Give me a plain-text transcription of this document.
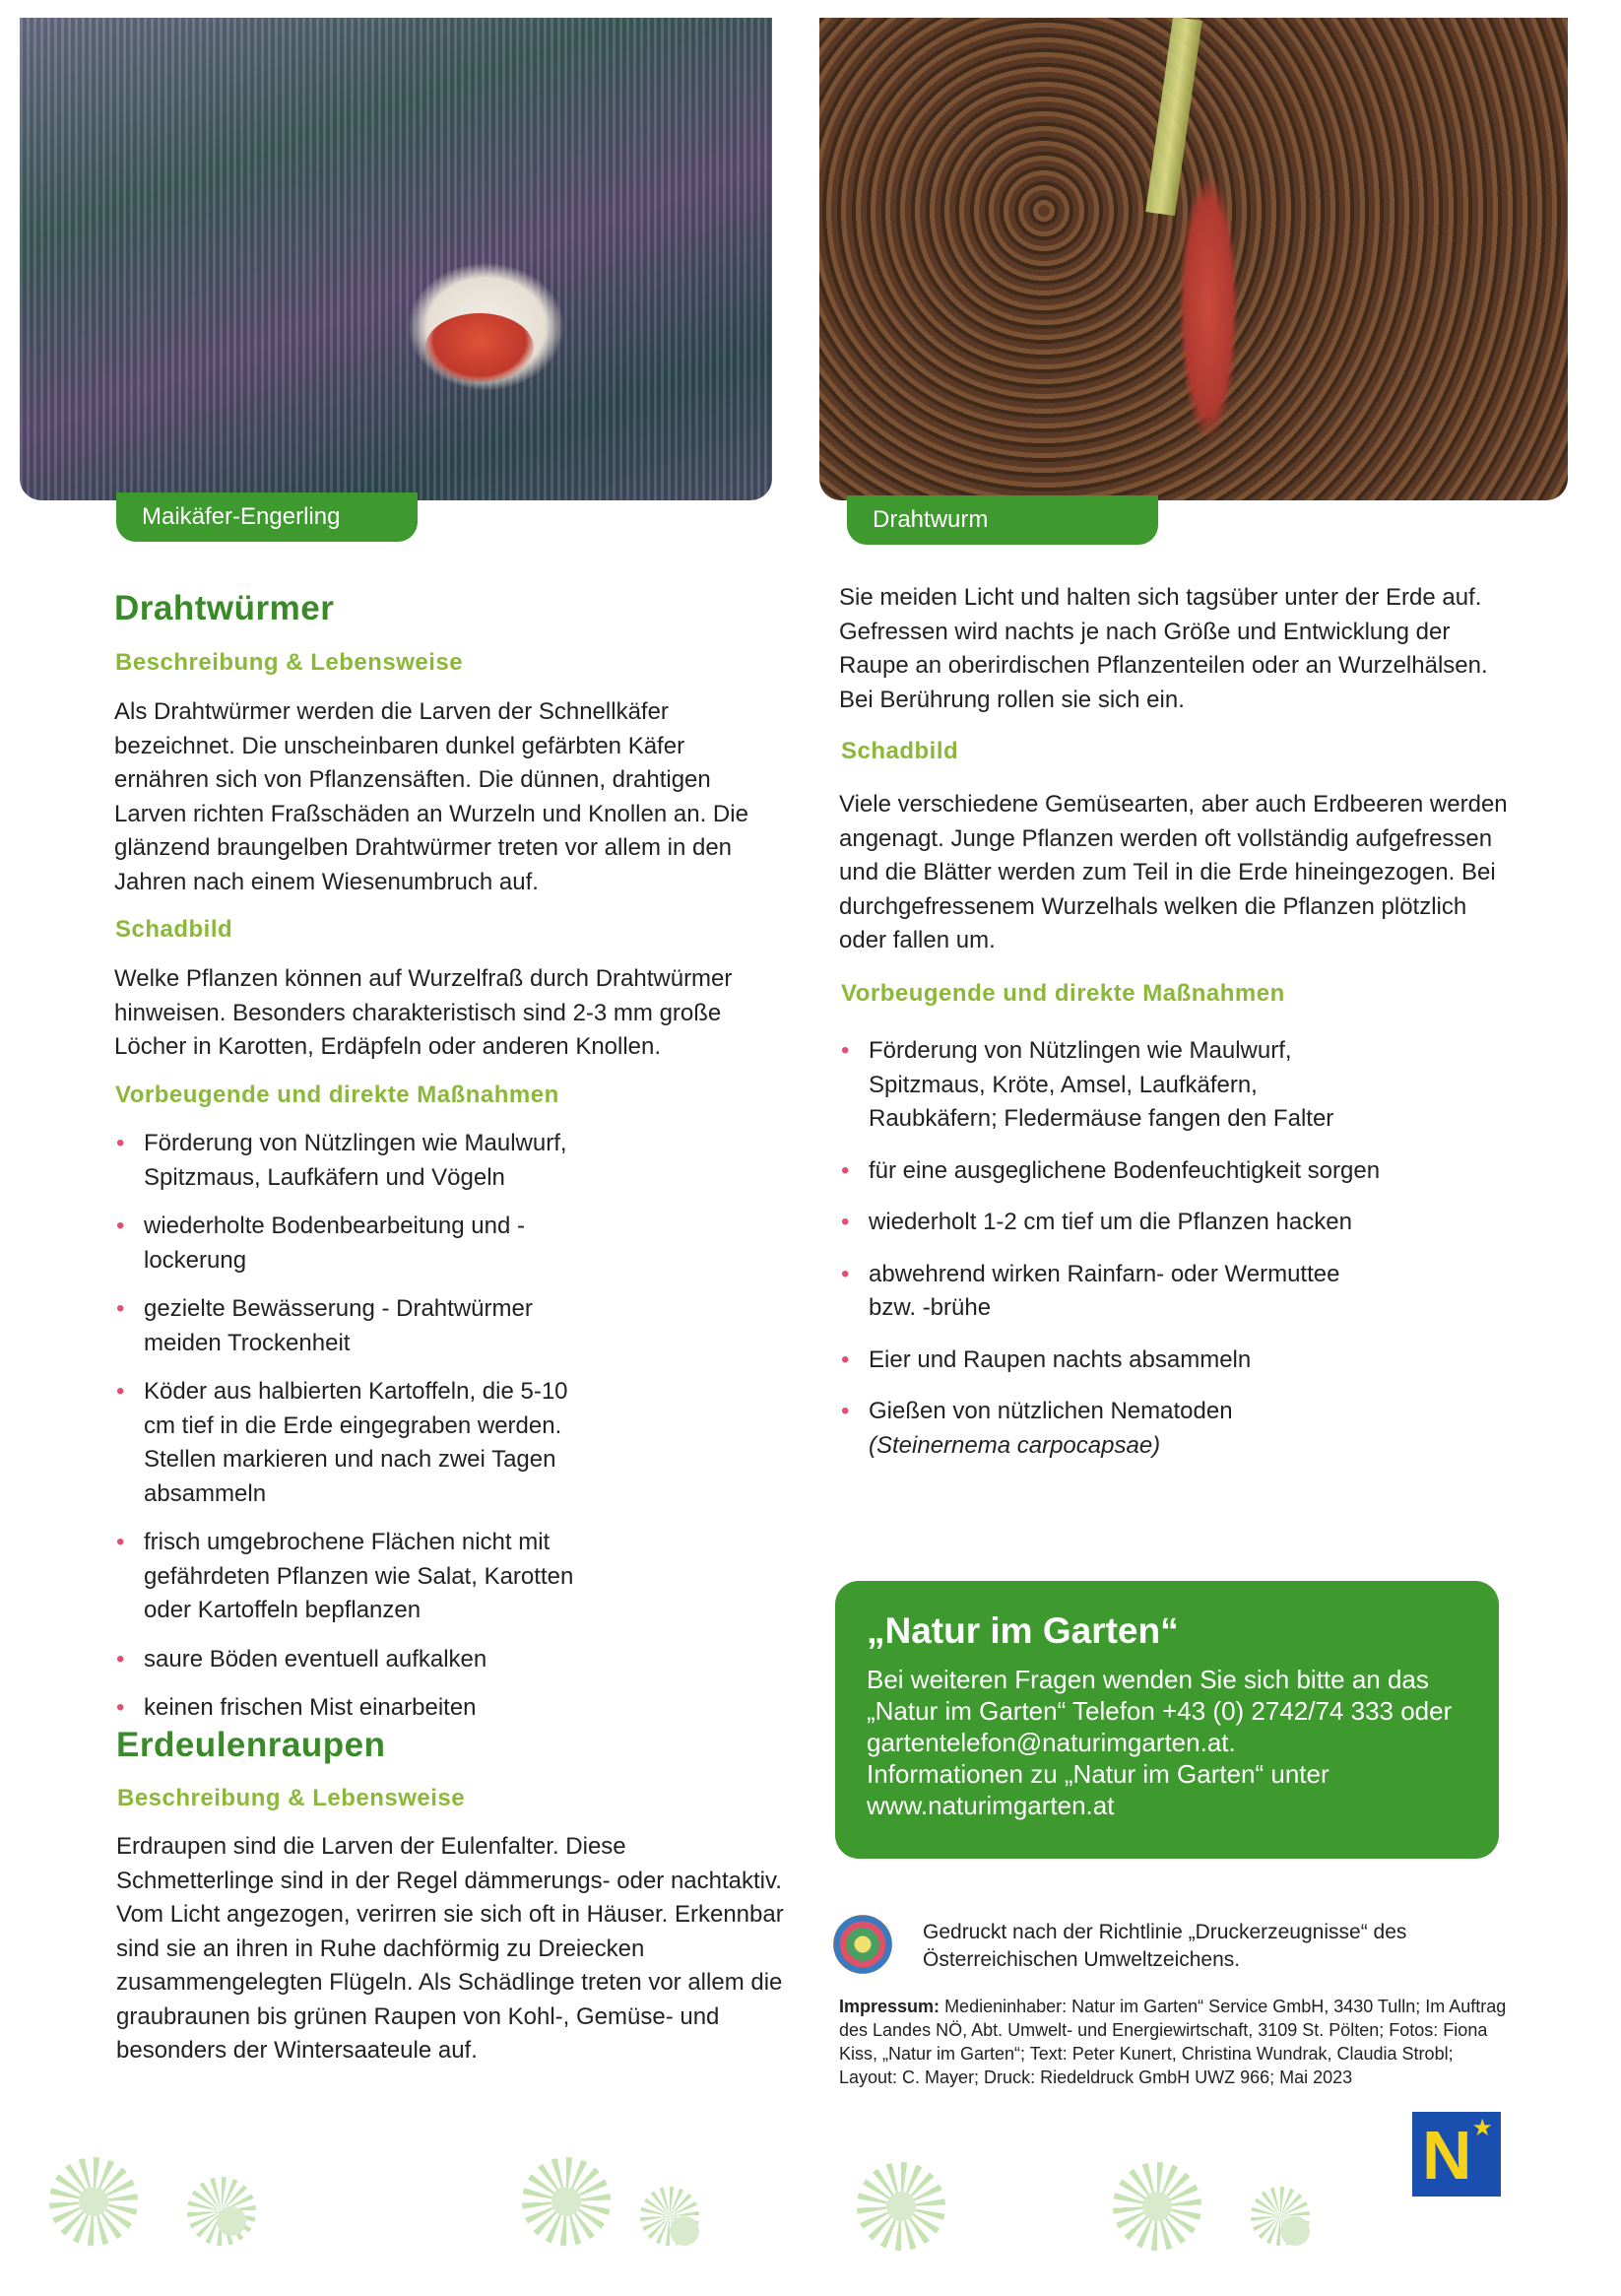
Maikäfer-Engerling	Drahtwurm
Drahtwürmer
Beschreibung & Lebensweise
Als Drahtwürmer werden die Larven der Schnellkäfer bezeichnet. Die unscheinbaren dunkel gefärbten Käfer ernähren sich von Pflanzensäften. Die dünnen, drahtigen Larven richten Fraßschäden an Wurzeln und Knollen an. Die glänzend braungelben Drahtwürmer treten vor allem in den Jahren nach einem Wiesenumbruch auf.
Schadbild
Welke Pflanzen können auf Wurzelfraß durch Drahtwürmer hinweisen. Besonders charakteristisch sind 2-3 mm große Löcher in Karotten, Erdäpfeln oder anderen Knollen.
Vorbeugende und direkte Maßnahmen
• Förderung von Nützlingen wie Maulwurf, Spitzmaus, Laufkäfern und Vögeln
• wiederholte Bodenbearbeitung und - lockerung
• gezielte Bewässerung - Drahtwürmer meiden Trockenheit
• Köder aus halbierten Kartoffeln, die 5-10 cm tief in die Erde eingegraben werden. Stellen markieren und nach zwei Tagen absammeln
• frisch umgebrochene Flächen nicht mit gefährdeten Pflanzen wie Salat, Karotten oder Kartoffeln bepflanzen
• saure Böden eventuell aufkalken
• keinen frischen Mist einarbeiten
Erdeulenraupen
Beschreibung & Lebensweise
Erdraupen sind die Larven der Eulenfalter. Diese Schmetterlinge sind in der Regel dämmerungs- oder nachtaktiv. Vom Licht angezogen, verirren sie sich oft in Häuser. Erkennbar sind sie an ihren in Ruhe dachförmig zu Dreiecken zusammengelegten Flügeln. Als Schädlinge treten vor allem die graubraunen bis grünen Raupen von Kohl-, Gemüse- und besonders der Wintersaateule auf.
Sie meiden Licht und halten sich tagsüber unter der Erde auf. Gefressen wird nachts je nach Größe und Entwicklung der Raupe an oberirdischen Pflanzenteilen oder an Wurzelhälsen. Bei Berührung rollen sie sich ein.
Schadbild
Viele verschiedene Gemüsearten, aber auch Erdbeeren werden angenagt. Junge Pflanzen werden oft vollständig aufgefressen und die Blätter werden zum Teil in die Erde hineingezogen. Bei durchgefressenem Wurzelhals welken die Pflanzen plötzlich oder fallen um.
Vorbeugende und direkte Maßnahmen
• Förderung von Nützlingen wie Maulwurf, Spitzmaus, Kröte, Amsel, Laufkäfern, Raubkäfern; Fledermäuse fangen den Falter
• für eine ausgeglichene Bodenfeuchtigkeit sorgen
• wiederholt 1-2 cm tief um die Pflanzen hacken
• abwehrend wirken Rainfarn- oder Wermuttee bzw. -brühe
• Eier und Raupen nachts absammeln
• Gießen von nützlichen Nematoden
(Steinernema carpocapsae)
„Natur im Garten“
Bei weiteren Fragen wenden Sie sich bitte an das
„Natur im Garten“ Telefon +43 (0) 2742/74 333 oder
gartentelefon@naturimgarten.at.
Informationen zu „Natur im Garten“ unter
www.naturimgarten.at
Gedruckt nach der Richtlinie „Druckerzeugnisse“ des Österreichischen Umweltzeichens.
Impressum: Medieninhaber: Natur im Garten“ Service GmbH, 3430 Tulln; Im Auftrag des Landes NÖ, Abt. Umwelt- und Energiewirtschaft, 3109 St. Pölten; Fotos: Fiona Kiss, „Natur im Garten“; Text: Peter Kunert, Christina Wundrak, Claudia Strobl; Layout: C. Mayer; Druck: Riedeldruck GmbH UWZ 966; Mai 2023
N ★
